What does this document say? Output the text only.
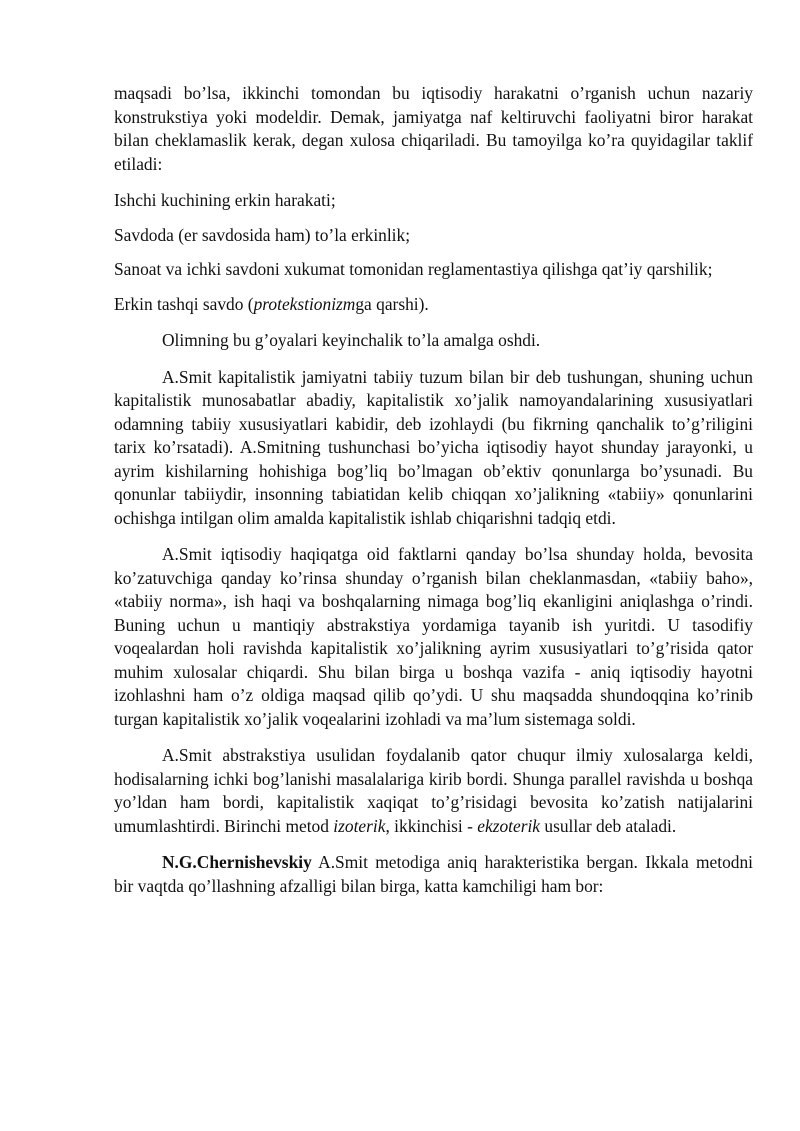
maqsadi bo’lsa, ikkinchi tomondan bu iqtisodiy harakatni o’rganish uchun nazariy konstrukstiya yoki modeldir. Demak, jamiyatga naf keltiruvchi faoliyatni biror harakat bilan cheklamaslik kerak, degan xulosa chiqariladi. Bu tamoyilga ko’ra quyidagilar taklif etiladi:

Ishchi kuchining erkin harakati;

Savdoda (er savdosida ham) to’la erkinlik;

Sanoat va ichki savdoni xukumat tomonidan reglamentastiya qilishga qat’iy qarshilik;

Erkin tashqi savdo (protekstionizmga qarshi).

Olimning bu g’oyalari keyinchalik to’la amalga oshdi.

A.Smit kapitalistik jamiyatni tabiiy tuzum bilan bir deb tushungan, shuning uchun kapitalistik munosabatlar abadiy, kapitalistik xo’jalik namoyandalarining xususiyatlari odamning tabiiy xususiyatlari kabidir, deb izohlaydi (bu fikrning qanchalik to’g’riligini tarix ko’rsatadi). A.Smitning tushunchasi bo’yicha iqtisodiy hayot shunday jarayonki, u ayrim kishilarning hohishiga bog’liq bo’lmagan ob’ektiv qonunlarga bo’ysunadi. Bu qonunlar tabiiydir, insonning tabiatidan kelib chiqqan xo’jalikning «tabiiy» qonunlarini ochishga intilgan olim amalda kapitalistik ishlab chiqarishni tadqiq etdi.

A.Smit iqtisodiy haqiqatga oid faktlarni qanday bo’lsa shunday holda, bevosita ko’zatuvchiga qanday ko’rinsa shunday o’rganish bilan cheklanmasdan, «tabiiy baho», «tabiiy norma», ish haqi va boshqalarning nimaga bog’liq ekanligini aniqlashga o’rindi. Buning uchun u mantiqiy abstrakstiya yordamiga tayanib ish yuritdi. U tasodifiy voqealardan holi ravishda kapitalistik xo’jalikning ayrim xususiyatlari to’g’risida qator muhim xulosalar chiqardi. Shu bilan birga u boshqa vazifa - aniq iqtisodiy hayotni izohlashni ham o’z oldiga maqsad qilib qo’ydi. U shu maqsadda shundoqqina ko’rinib turgan kapitalistik xo’jalik voqealarini izohladi va ma’lum sistemaga soldi.

A.Smit abstrakstiya usulidan foydalanib qator chuqur ilmiy xulosalarga keldi, hodisalarning ichki bog’lanishi masalalariga kirib bordi. Shunga parallel ravishda u boshqa yo’ldan ham bordi, kapitalistik xaqiqat to’g’risidagi bevosita ko’zatish natijalarini umumlashtirdi. Birinchi metod izoterik, ikkinchisi - ekzoterik usullar deb ataladi.

N.G.Chernishevskiy A.Smit metodiga aniq harakteristika bergan. Ikkala metodni bir vaqtda qo’llashning afzalligi bilan birga, katta kamchiligi ham bor:
